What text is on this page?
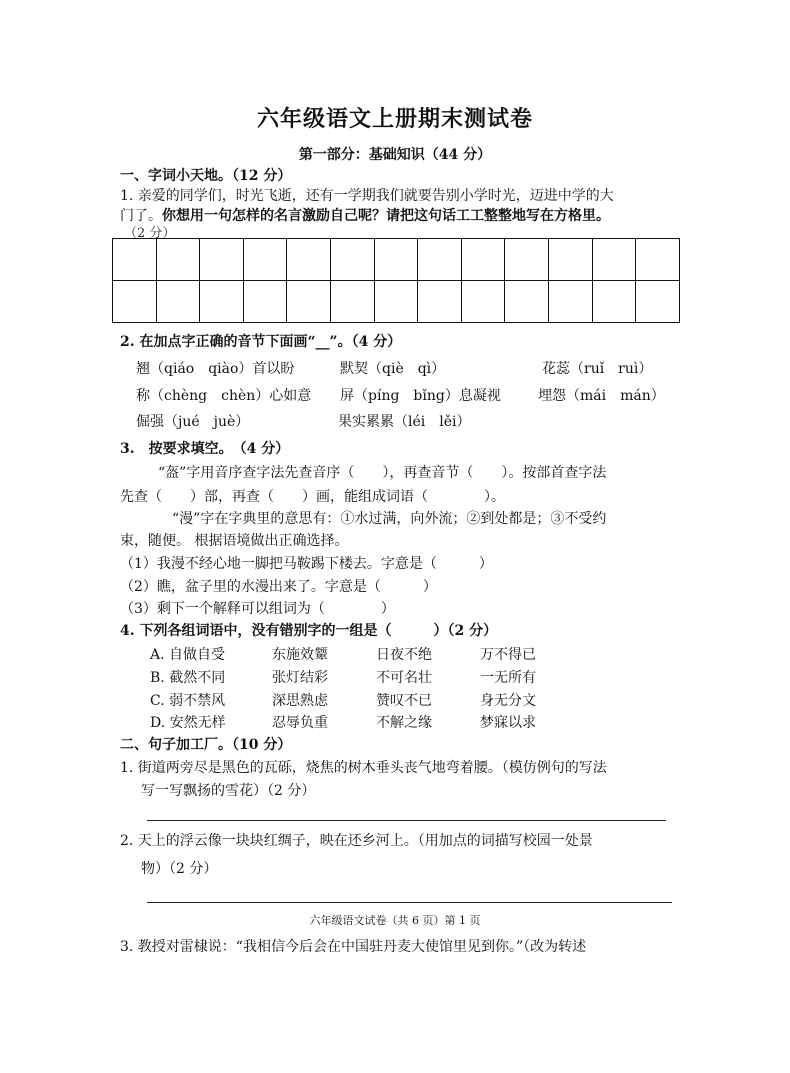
六年级语文上册期末测试卷
第一部分：基础知识（44 分）
一、字词小天地。（12 分）
1. 亲爱的同学们，时光飞逝，还有一学期我们就要告别小学时光，迈进中学的大
门了。你想用一句怎样的名言激励自己呢？请把这句话工工整整地写在方格里。
（2 分）

2. 在加点字正确的音节下面画“__”。（4 分）
翘（qiáo　qiào）首以盼	默契（qiè　qì）	花蕊（ruǐ　ruì）
称（chèng　chèn）心如意 屏（píng　bǐng）息凝视	埋怨（mái　mán）
倔强（jué　juè）	果实累累（léi　lěi）
3.　按要求填空。　（4 分）
“盔”字用音序查字法先查音序（　　），再查音节（　　）。按部首查字法
先查（　　）部，再查（　　）画，能组成词语（　　　　）。
“漫”字在字典里的意思有：①水过满，向外流；②到处都是；③不受约
束，随便。 根据语境做出正确选择。
（1）我漫不经心地一脚把马鞍踢下楼去。字意是（　　　）
（2）瞧，盆子里的水漫出来了。字意是（　　　）
（3）剩下一个解释可以组词为（　　　　）
4. 下列各组词语中，没有错别字的一组是（　　　）（2 分）
A. 自做自受	东施效颦	日夜不绝	万不得已
B. 截然不同	张灯结彩	不可名壮	一无所有
C. 弱不禁风	深思熟虑	赞叹不已	身无分文
D. 安然无样	忍辱负重	不解之缘	梦寐以求
二、句子加工厂。（10 分）
1. 街道两旁尽是黑色的瓦砾，烧焦的树木垂头丧气地弯着腰。（模仿例句的写法
写一写飘扬的雪花）（2 分）
2. 天上的浮云像一块块红绸子，映在还乡河上。（用加点的词描写校园一处景
物）（2 分）
六年级语文试卷（共 6 页）第 1 页
3. 教授对雷棣说：“我相信今后会在中国驻丹麦大使馆里见到你。”（改为转述
